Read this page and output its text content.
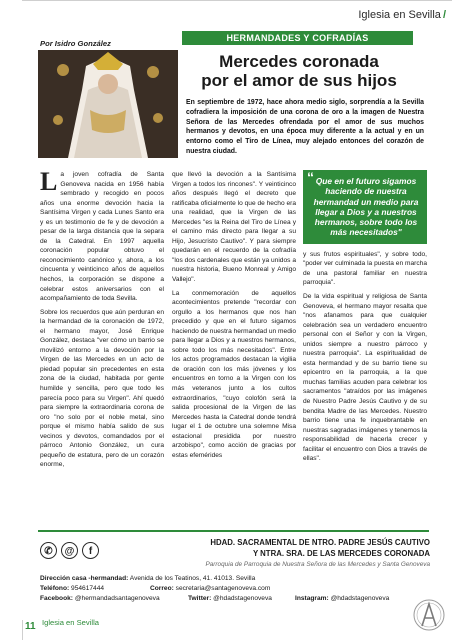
Iglesia en Sevilla /
Por Isidro González
HERMANDADES Y COFRADÍAS
Mercedes coronada
por el amor de sus hijos
En septiembre de 1972, hace ahora medio siglo, sorprendía a la Sevilla cofradiera la imposición de una corona de oro a la imagen de Nuestra Señora de las Mercedes ofrendada por el amor de sus muchos hermanos y devotos, en una época muy diferente a la actual y en un entorno como el Tiro de Línea, muy alejado entonces del corazón de nuestra ciudad.

La joven cofradía de Santa Genoveva nacida en 1956 había sembrado y recogido en pocos años una enorme devoción hacia la Santísima Virgen y cada Lunes Santo era y es un testimonio de fe y de devoción a pesar de la larga distancia que la separa de la Catedral. En 1997 aquella coronación popular obtuvo el reconocimiento canónico y, ahora, a los cincuenta y veinticinco años de aquellos hechos, la corporación se dispone a celebrar estos aniversarios con el acompañamiento de toda Sevilla.

Sobre los recuerdos que aún perduran en la hermandad de la coronación de 1972, el hermano mayor, José Enrique González, destaca "ver cómo un barrio se movilizó entorno a la devoción por la Virgen de las Mercedes en un acto de piedad popular sin precedentes en esta zona de la ciudad, habitada por gente humilde y sencilla, pero que todo les parecía poco para su Virgen". Ahí quedó para siempre la extraordinaria corona de oro "no solo por el noble metal, sino porque el mismo había salido de sus vecinos y devotos, comandados por el párroco Antonio González, un cura pequeño de estatura, pero de un corazón enorme,

que llevó la devoción a la Santísima Virgen a todos los rincones". Y veinticinco años después llegó el decreto que ratificaba oficialmente lo que de hecho era una realidad, que la Virgen de las Mercedes "es la Reina del Tiro de Línea y el camino más directo para llegar a su Hijo, Jesucristo Cautivo". Y para siempre quedarán en el recuerdo de la cofradía "los dos cardenales que están ya unidos a nuestra historia, Bueno Monreal y Amigo Vallejo".

La conmemoración de aquellos acontecimientos pretende "recordar con orgullo a los hermanos que nos han precedido y que en el futuro sigamos haciendo de nuestra hermandad un medio para llegar a Dios y a nuestros hermanos, sobre todo los más necesitados". Entre los actos programados destacan la vigilia de oración con los más jóvenes y los encuentros en torno a la Virgen con los más veteranos junto a los cultos extraordinarios, "cuyo colofón será la salida procesional de la Virgen de las Mercedes hasta la Catedral donde tendrá lugar el 1 de octubre una solemne Misa estacional presidida por nuestro arzobispo", como acción de gracias por estas efemérides

“ Que en el futuro sigamos haciendo de nuestra hermandad un medio para llegar a Dios y a nuestros hermanos, sobre todo los más necesitados"

y sus frutos espirituales", y sobre todo, "poder ver culminada la puesta en marcha de una pastoral familiar en nuestra parroquia".

De la vida espiritual y religiosa de Santa Genoveva, el hermano mayor resalta que "nos afanamos para que cualquier celebración sea un verdadero encuentro personal con el Señor y con la Virgen, unidos siempre a nuestro párroco y nuestra parroquia". La espiritualidad de esta hermandad y de su barrio tiene su epicentro en la parroquia, a la que muchas familias acuden para celebrar los sacramentos "atraídos por las imágenes de Nuestro Padre Jesús Cautivo y de su bendita Madre de las Mercedes. Nuestro barrio tiene una fe inquebrantable en nuestras sagradas imágenes y tenemos la responsabilidad de hacerla crecer y facilitar el encuentro con Dios a través de ellas".

✆	@	f
HDAD. SACRAMENTAL DE NTRO. PADRE JESÚS CAUTIVO
Y NTRA. SRA. DE LAS MERCEDES CORONADA
Parroquia de Parroquia de Nuestra Señora de las Mercedes y Santa Genoveva
Dirección casa -hermandad: Avenida de los Teatinos, 41. 41013. Sevilla
Teléfono: 954617444	Correo: secretaria@santagenoveva.com
Facebook: @hermandadsantagenoveva	Twitter: @hdadstagenoveva	Instagram: @hdadstagenoveva
11 Iglesia en Sevilla
